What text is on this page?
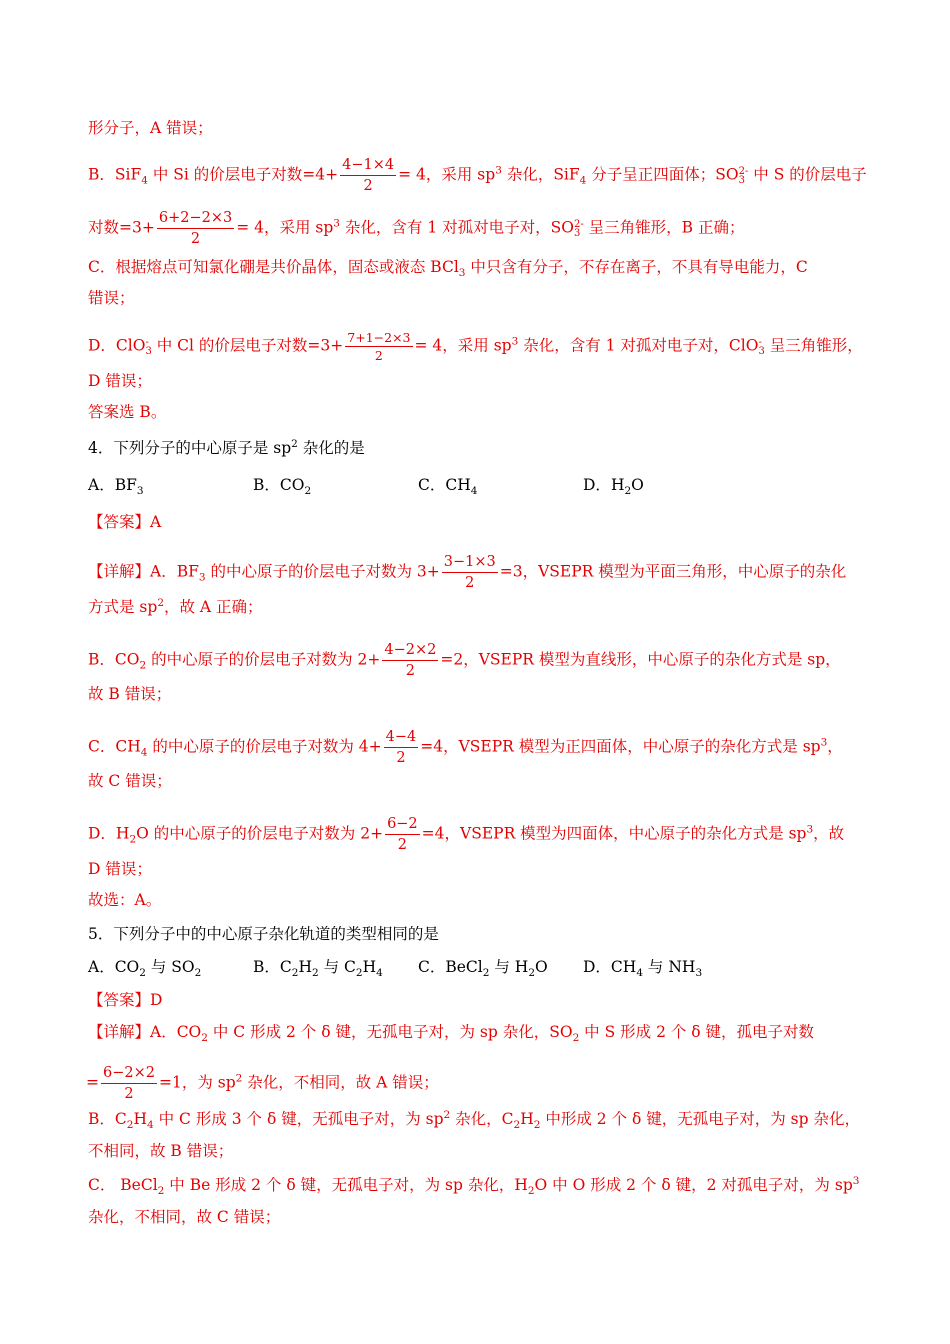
形分子，A 错误；
B．SiF$_4$ 中 Si 的价层电子对数$=4+ \frac{4-1\times 4}{2} = 4$，采用 $sp^3$ 杂化，SiF$_4$ 分子呈正四面体；SO 2-
3 中 S 的价层电子
对数$=3+ \frac{6+2-2\times 3}{2} = 4$，采用 $sp^3$ 杂化，含有 1 对孤对电子对，SO 2-
3 呈三角锥形，B 正确；
C．根据熔点可知氯化硼是共价晶体，固态或液态 BCl$_3$ 中只含有分子，不存在离子，不具有导电能力，C
错误；
D．ClO -
3 中 Cl 的价层电子对数$=3+ \frac{7+1-2\times 3}{2} = 4$，采用 $sp^3$ 杂化，含有 1 对孤对电子对，ClO -
3 呈三角锥形，
D 错误；
答案选 B。
4．下列分子的中心原子是 $sp^2$ 杂化的是
A．$BF_3$	B．$CO_2$	C．$CH_4$	D．$H_2O$
【答案】A
【详解】A．$BF_3$ 的中心原子的价层电子对数为 $3+ \frac{3-1\times 3}{2} =3$，VSEPR 模型为平面三角形，中心原子的杂化
方式是 $sp^2$，故 A 正确；
B．$CO_2$ 的中心原子的价层电子对数为 $2+ \frac{4-2\times 2}{2} =2$，VSEPR 模型为直线形，中心原子的杂化方式是 sp，
故 B 错误；
C．$CH_4$ 的中心原子的价层电子对数为 $4+ \frac{4-4}{2} =4$，VSEPR 模型为正四面体，中心原子的杂化方式是 $sp^3$，
故 C 错误；
D．$H_2O$ 的中心原子的价层电子对数为 $2+ \frac{6-2}{2} =4$，VSEPR 模型为四面体，中心原子的杂化方式是 $sp^3$，故
D 错误；
故选：A。
5．下列分子中的中心原子杂化轨道的类型相同的是
A．$CO_2$ 与 $SO_2$	B．$C_2H_2$ 与 $C_2H_4$ C．BeCl$_2$ 与 $H_2O$ D．$CH_4$ 与 $NH_3$
【答案】D
【详解】A．$CO_2$ 中 C 形成 2 个 δ 键，无孤电子对，为 sp 杂化，$SO_2$ 中 S 形成 2 个 δ 键，孤电子对数
= $\frac{6-2\times 2}{2} =1$，为 $sp^2$ 杂化，不相同，故 A 错误；
B．$C_2H_4$ 中 C 形成 3 个 δ 键，无孤电子对，为 $sp^2$ 杂化，$C_2H_2$ 中形成 2 个 δ 键，无孤电子对，为 sp 杂化，
不相同，故 B 错误；
C． BeCl$_2$ 中 Be 形成 2 个 δ 键，无孤电子对，为 sp 杂化，$H_2O$ 中 O 形成 2 个 δ 键，2 对孤电子对，为 $sp^3$
杂化，不相同，故 C 错误；
